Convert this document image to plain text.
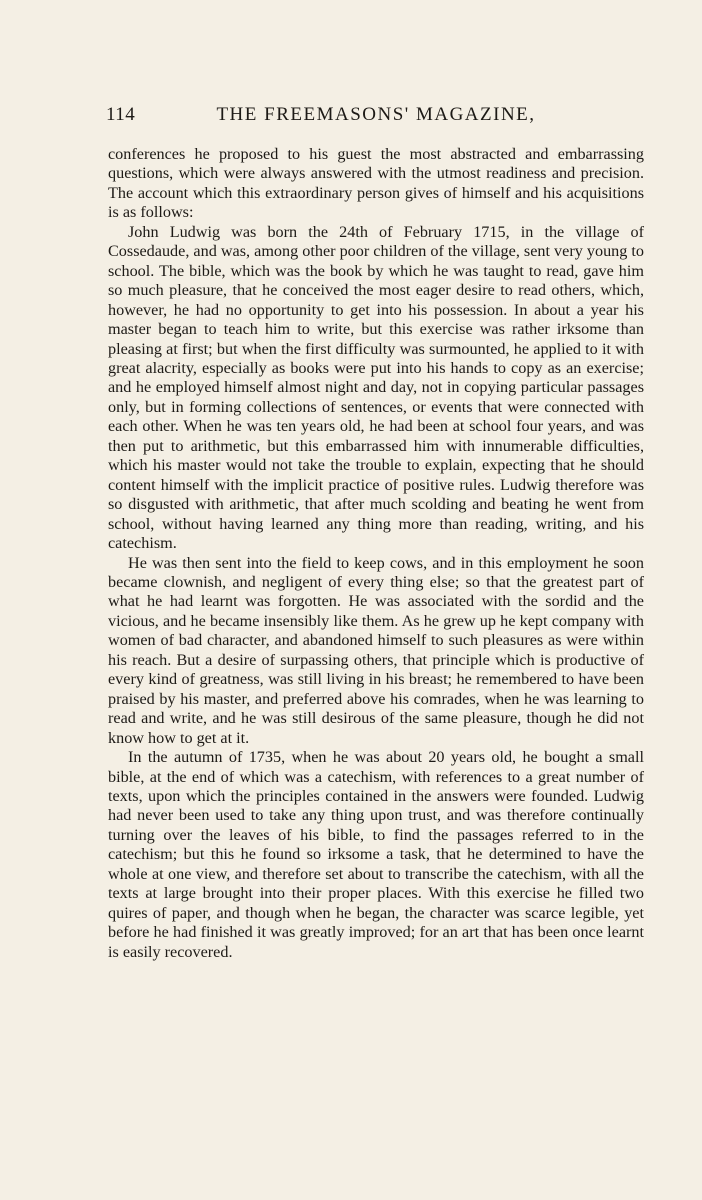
114	THE FREEMASONS' MAGAZINE,

conferences he proposed to his guest the most abstracted and embarrassing questions, which were always answered with the utmost readiness and precision. The account which this extraordinary person gives of himself and his acquisitions is as follows:

John Ludwig was born the 24th of February 1715, in the village of Cossedaude, and was, among other poor children of the village, sent very young to school. The bible, which was the book by which he was taught to read, gave him so much pleasure, that he conceived the most eager desire to read others, which, however, he had no opportunity to get into his possession. In about a year his master began to teach him to write, but this exercise was rather irksome than pleasing at first; but when the first difficulty was surmounted, he applied to it with great alacrity, especially as books were put into his hands to copy as an exercise; and he employed himself almost night and day, not in copying particular passages only, but in forming collections of sentences, or events that were connected with each other. When he was ten years old, he had been at school four years, and was then put to arithmetic, but this embarrassed him with innumerable difficulties, which his master would not take the trouble to explain, expecting that he should content himself with the implicit practice of positive rules. Ludwig therefore was so disgusted with arithmetic, that after much scolding and beating he went from school, without having learned any thing more than reading, writing, and his catechism.

He was then sent into the field to keep cows, and in this employment he soon became clownish, and negligent of every thing else; so that the greatest part of what he had learnt was forgotten. He was associated with the sordid and the vicious, and he became insensibly like them. As he grew up he kept company with women of bad character, and abandoned himself to such pleasures as were within his reach. But a desire of surpassing others, that principle which is productive of every kind of greatness, was still living in his breast; he remembered to have been praised by his master, and preferred above his comrades, when he was learning to read and write, and he was still desirous of the same pleasure, though he did not know how to get at it.

In the autumn of 1735, when he was about 20 years old, he bought a small bible, at the end of which was a catechism, with references to a great number of texts, upon which the principles contained in the answers were founded. Ludwig had never been used to take any thing upon trust, and was therefore continually turning over the leaves of his bible, to find the passages referred to in the catechism; but this he found so irksome a task, that he determined to have the whole at one view, and therefore set about to transcribe the catechism, with all the texts at large brought into their proper places. With this exercise he filled two quires of paper, and though when he began, the character was scarce legible, yet before he had finished it was greatly improved; for an art that has been once learnt is easily recovered.
